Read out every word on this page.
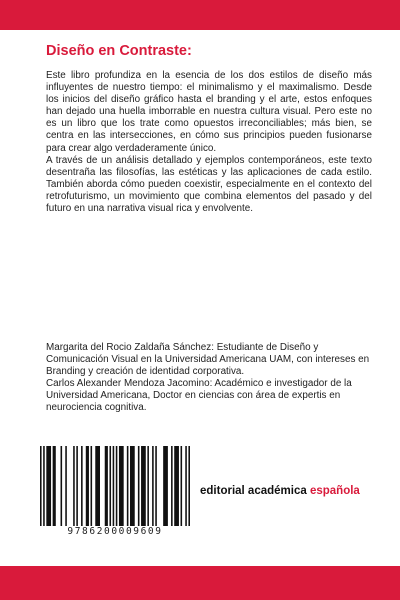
Diseño en Contraste:

Este libro profundiza en la esencia de los dos estilos de diseño más influyentes de nuestro tiempo: el minimalismo y el maximalismo. Desde los inicios del diseño gráfico hasta el branding y el arte, estos enfoques han dejado una huella imborrable en nuestra cultura visual. Pero este no es un libro que los trate como opuestos irreconciliables; más bien, se centra en las intersecciones, en cómo sus principios pueden fusionarse para crear algo verdaderamente único.

A través de un análisis detallado y ejemplos contemporáneos, este texto desentraña las filosofías, las estéticas y las aplicaciones de cada estilo. También aborda cómo pueden coexistir, especialmente en el contexto del retrofuturismo, un movimiento que combina elementos del pasado y del futuro en una narrativa visual rica y envolvente.

Margarita del Rocio Zaldaña Sánchez: Estudiante de Diseño y Comunicación Visual en la Universidad Americana UAM, con intereses en Branding y creación de identidad corporativa.

Carlos Alexander Mendoza Jacomino: Académico e investigador de la Universidad Americana, Doctor en ciencias con área de expertis en neurociencia cognitiva.

9786200009609
editorial académica española
